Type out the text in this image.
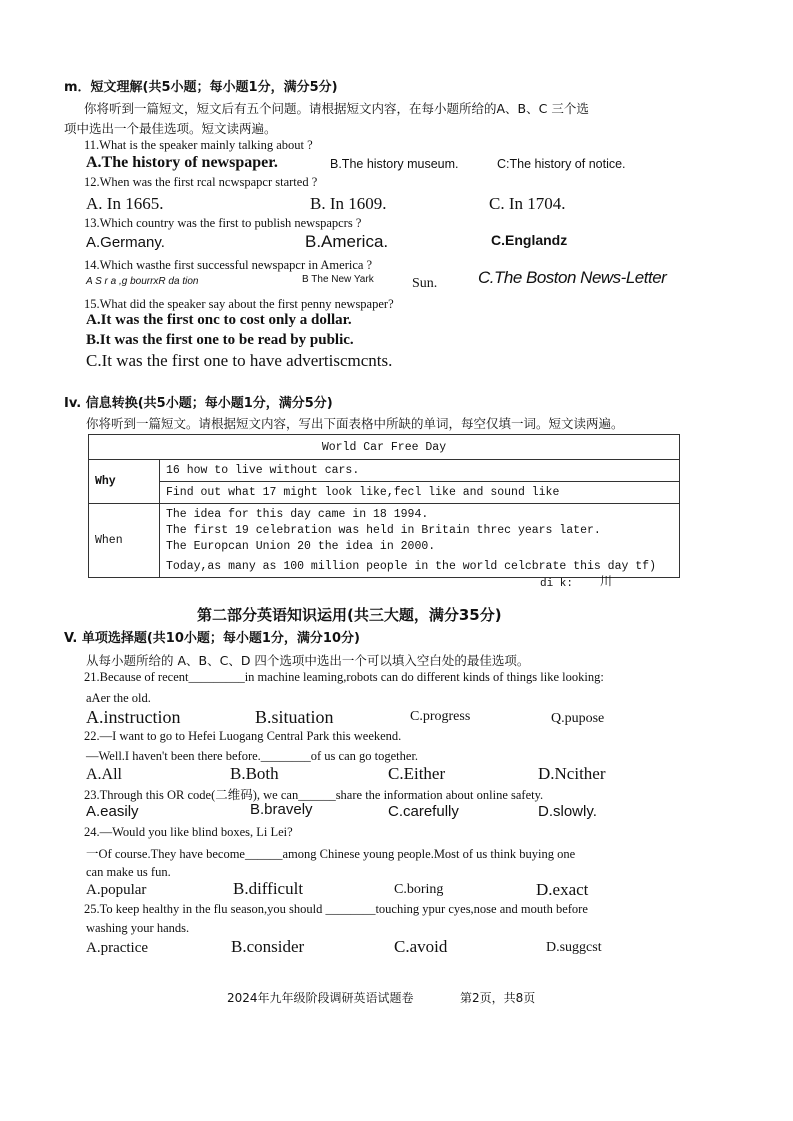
m．短文理解(共5小题；每小题1分，满分5分)
你将听到一篇短文，短文后有五个问题。请根据短文内容，在每小题所给的A、B、C 三个选
项中选出一个最佳选项。短文读两遍。
11.What is the speaker mainly talking about ?
A.The history of newspaper.	B.The history museum.	C:The history of notice.
12.When was the first rcal ncwspapcr started ?
A. In 1665.	B. In 1609.	C. In 1704.
13.Which country was the first to publish newspapcrs ?
A.Germany.	B.America.	C.Englandz
14.Which wasthe first successful newspapcr in America ?
A S r a ,g bourrxR da tion	B The New Yark	Sun. C.The Boston News-Letter
15.What did the speaker say about the first penny newspaper?
A.It was the first onc to cost only a dollar.
B.It was the first one to be read by public.
C.It was the first one to have advertiscmcnts.
Iv. 信息转换(共5小题；每小题1分，满分5分)
你将听到一篇短文。请根据短文内容，写出下面表格中所缺的单词，每空仅填一词。短文读两遍。
World Car Free Day	
Why	16 how to live without cars.
	Find out what 17 might look like,fecl like and sound like
When	The idea for this day came in 18 1994.
The first 19 celebration was held in Britain threc years later.
The Europcan Union 20 the idea in 2000.
Today,as many as 100 million people in the world celcbrate this day tf)
di k: 川
第二部分英语知识运用(共三大题，满分35分)
V. 单项选择题(共10小题；每小题1分，满分10分)
从每小题所给的 A、B、C、D 四个选项中选出一个可以填入空白处的最佳选项。
21.Because of recent_________in machine leaming,robots can do different kinds of things like looking:
aAer the old.
A.instruction	B.situation	C.progress	Q.pupose
22.—I want to go to Hefei Luogang Central Park this weekend.
—Well.I haven't been there before.________of us can go together.
A.All	B.Both	C.Either	D.Ncither
23.Through this OR code(二维码), we can______share the information about online safety.
A.easily	B.bravely	C.carefully	D.slowly.
24.—Would you like blind boxes, Li Lei?
一Of course.They have become______among Chinese young people.Most of us think buying one
can make us fun.
A.popular	B.difficult	C.boring	D.exact
25.To keep healthy in the flu season,you should ________touching ypur cyes,nose and mouth before
washing your hands.
A.practice	B.consider	C.avoid	D.suggcst
2024年九年级阶段调研英语试题卷	第2页，共8页
